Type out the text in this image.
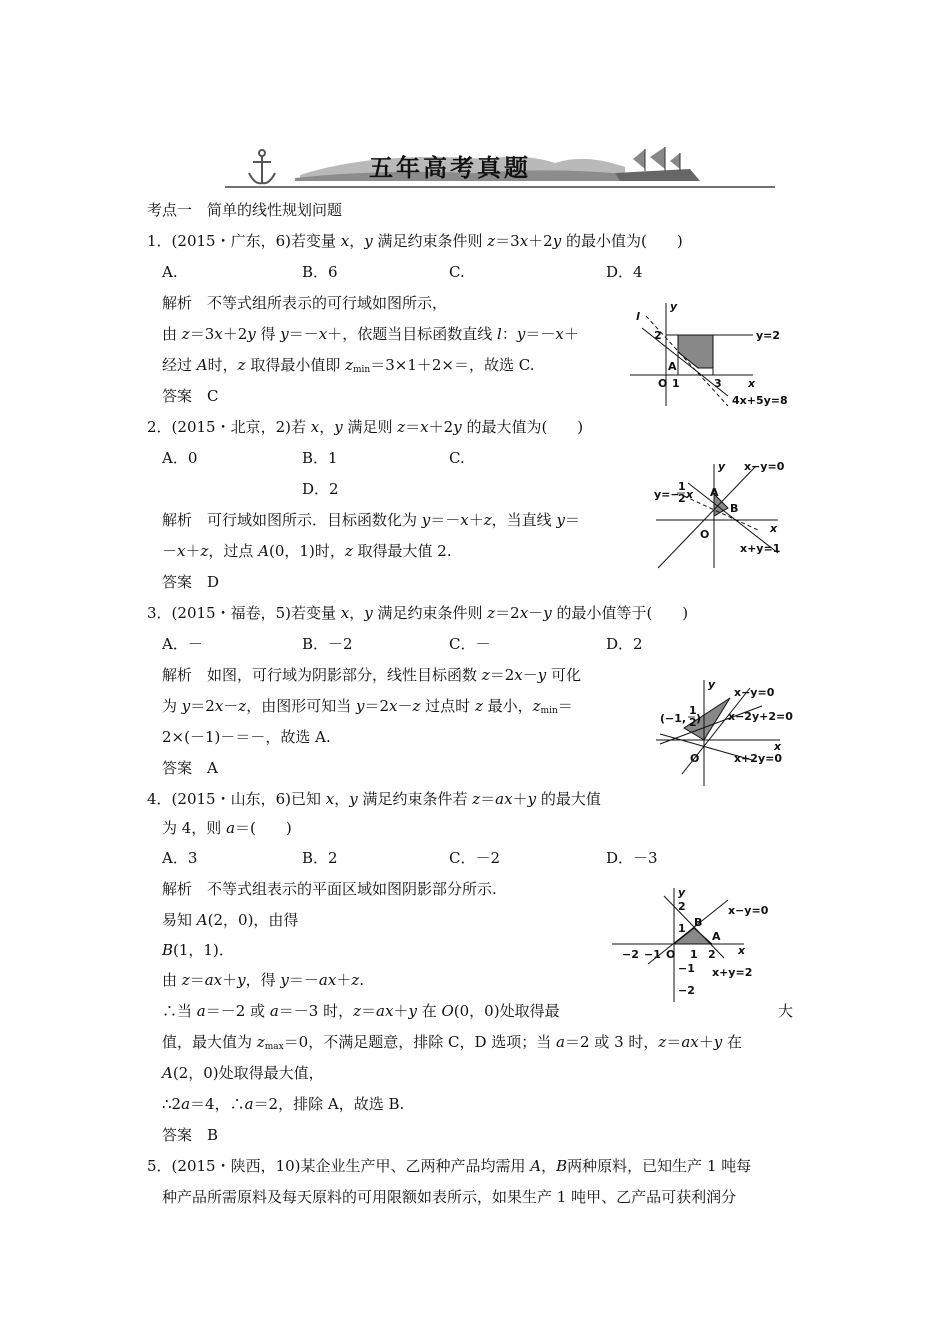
五年高考真题
考点一　简单的线性规划问题
1．(2015・广东，6)若变量 x，y 满足约束条件则 z＝3x＋2y 的最小值为(　　)
A.	B．6	C.	D．4
解析　不等式组所表示的可行域如图所示，
由 z＝3x＋2y 得 y＝－x＋，依题当目标函数直线 l：y＝－x＋
经过 A时，z 取得最小值即 $z_{min}=3\times 1+2\times=$，故选 C.
答案　C
l
y
2	y=2
A
O 1	3 x
4x+5y=8
2．(2015・北京，2)若 x，y 满足则 z＝x＋2y 的最大值为(　　)
A．0	B．1	C.
D．2
解析　可行域如图所示．目标函数化为 y＝－x＋z，当直线 y＝
－x＋z，过点 A(0，1)时，z 取得最大值 2.
答案　D
y x−y=0
y=−
1
2 x A
B
O	x
x+y=1
3．(2015・福卷，5)若变量 x，y 满足约束条件则 z＝2x－y 的最小值等于(　　)
A．－	B．－2	C．－	D．2
解析　如图，可行域为阴影部分，线性目标函数 z＝2x－y 可化
为 y＝2x－z，由图形可知当 y＝2x－z 过点时 z 最小，$z_{min}=$
2×(－1)－＝－，故选 A.
答案　A
y
x−y=0
(−1,
1
2 ) x−2y+2=0
x
O	x+2y=0
4．(2015・山东，6)已知 x，y 满足约束条件若 z＝ax＋y 的最大值
为 4，则 a＝(　　)
A．3	B．2	C．－2	D．－3
解析　不等式组表示的平面区域如图阴影部分所示.
易知 A(2，0)，由得
B(1，1)．
由 z＝ax＋y，得 y＝－ax＋z.
∴当 a＝－2 或 a＝－3 时，z＝ax＋y 在 O(0，0)处取得最	大
值，最大值为 $z_{max}=0$，不满足题意，排除 C，D 选项；当 a＝2 或 3 时，z＝ax＋y 在
A(2，0)处取得最大值，
∴2a＝4，∴a＝2，排除 A，故选 B.
答案　B
y
2
B
x−y=0
1
A
−2 −1 O 1 2 x
−1 x+y=2
−2
5．(2015・陕西，10)某企业生产甲、乙两种产品均需用 A，B两种原料，已知生产 1 吨每
种产品所需原料及每天原料的可用限额如表所示，如果生产 1 吨甲、乙产品可获利润分
